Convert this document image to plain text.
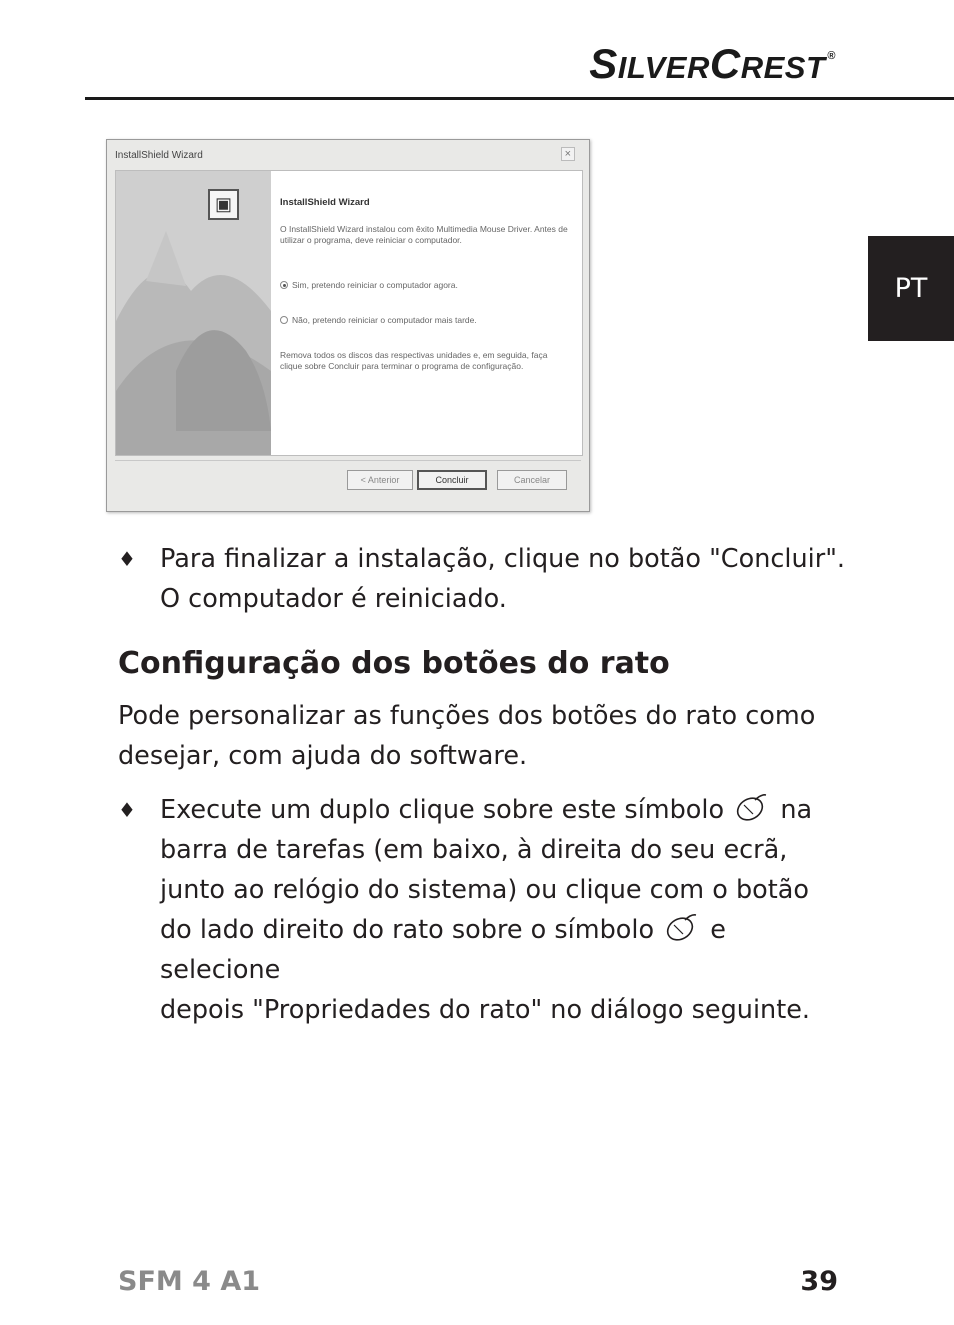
SILVERCREST ®
PT
InstallShield Wizard	×
▣	InstallShield Wizard

O InstallShield Wizard instalou com êxito Multimedia Mouse Driver. Antes de utilizar o programa, deve reiniciar o computador.

Sim, pretendo reiniciar o computador agora.
Não, pretendo reiniciar o computador mais tarde.

Remova todos os discos das respectivas unidades e, em seguida, faça clique sobre Concluir para terminar o programa de configuração.

< Anterior	Concluir	Cancelar
♦ Para finalizar a instalação, clique no botão "Concluir".
O computador é reiniciado.
Configuração dos botões do rato
Pode personalizar as funções dos botões do rato como
desejar, com ajuda do software.
♦ Execute um duplo clique sobre este símbolo na
barra de tarefas (em baixo, à direita do seu ecrã,
junto ao relógio do sistema) ou clique com o botão
do lado direito do rato sobre o símbolo e selecione
depois "Propriedades do rato" no diálogo seguinte.
SFM 4 A1	39
